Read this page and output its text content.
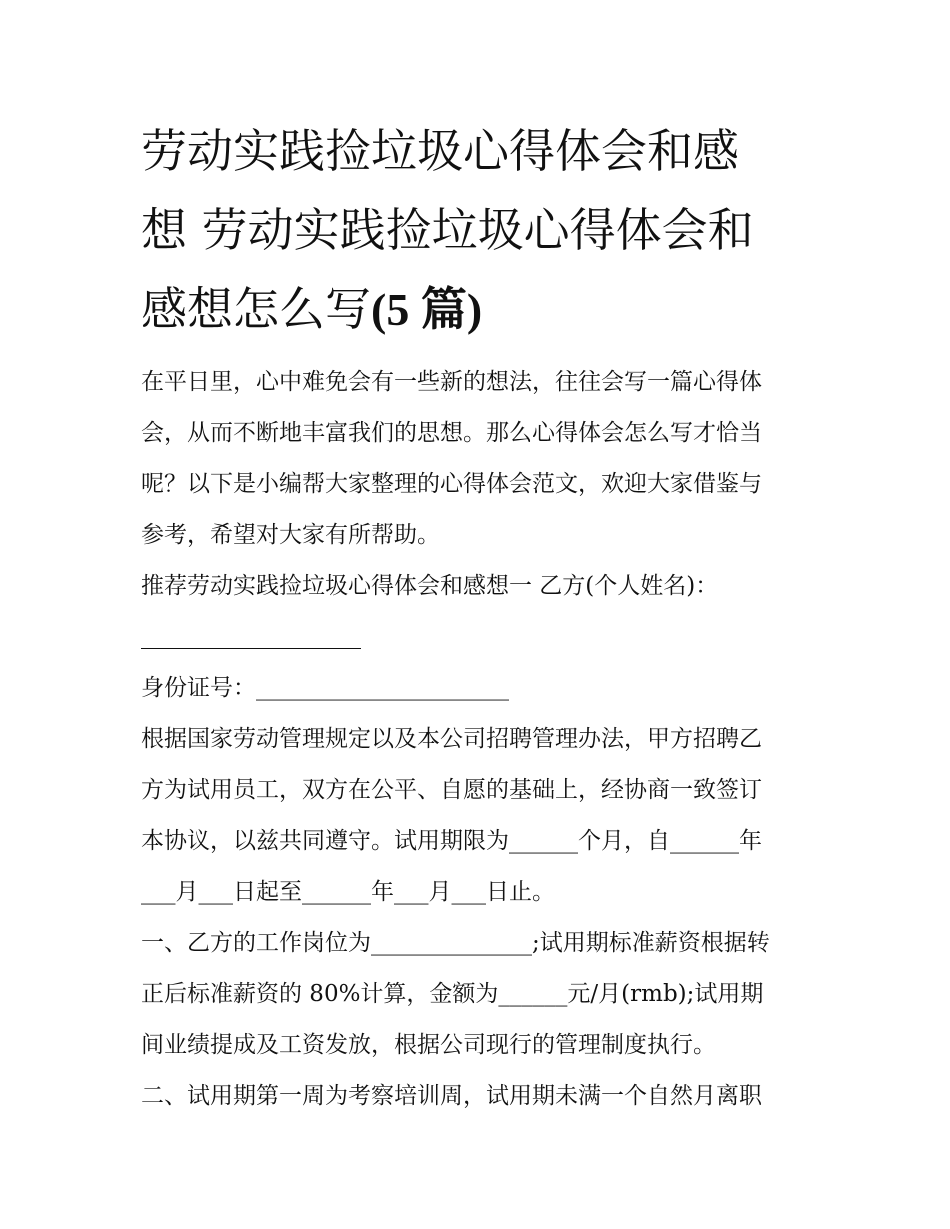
劳动实践捡垃圾心得体会和感
想 劳动实践捡垃圾心得体会和
感想怎么写(5 篇)

在平日里，心中难免会有一些新的想法，往往会写一篇心得体

会，从而不断地丰富我们的思想。那么心得体会怎么写才恰当

呢？以下是小编帮大家整理的心得体会范文，欢迎大家借鉴与

参考，希望对大家有所帮助。

推荐劳动实践捡垃圾心得体会和感想一 乙方(个人姓名)：

身份证号：______________________

根据国家劳动管理规定以及本公司招聘管理办法，甲方招聘乙

方为试用员工，双方在公平、自愿的基础上，经协商一致签订

本协议，以兹共同遵守。试用期限为______个月，自______年

___月___日起至______年___月___日止。

一、乙方的工作岗位为______________;试用期标准薪资根据转

正后标准薪资的 80%计算，金额为______元/月(rmb);试用期

间业绩提成及工资发放，根据公司现行的管理制度执行。

二、试用期第一周为考察培训周，试用期未满一个自然月离职
